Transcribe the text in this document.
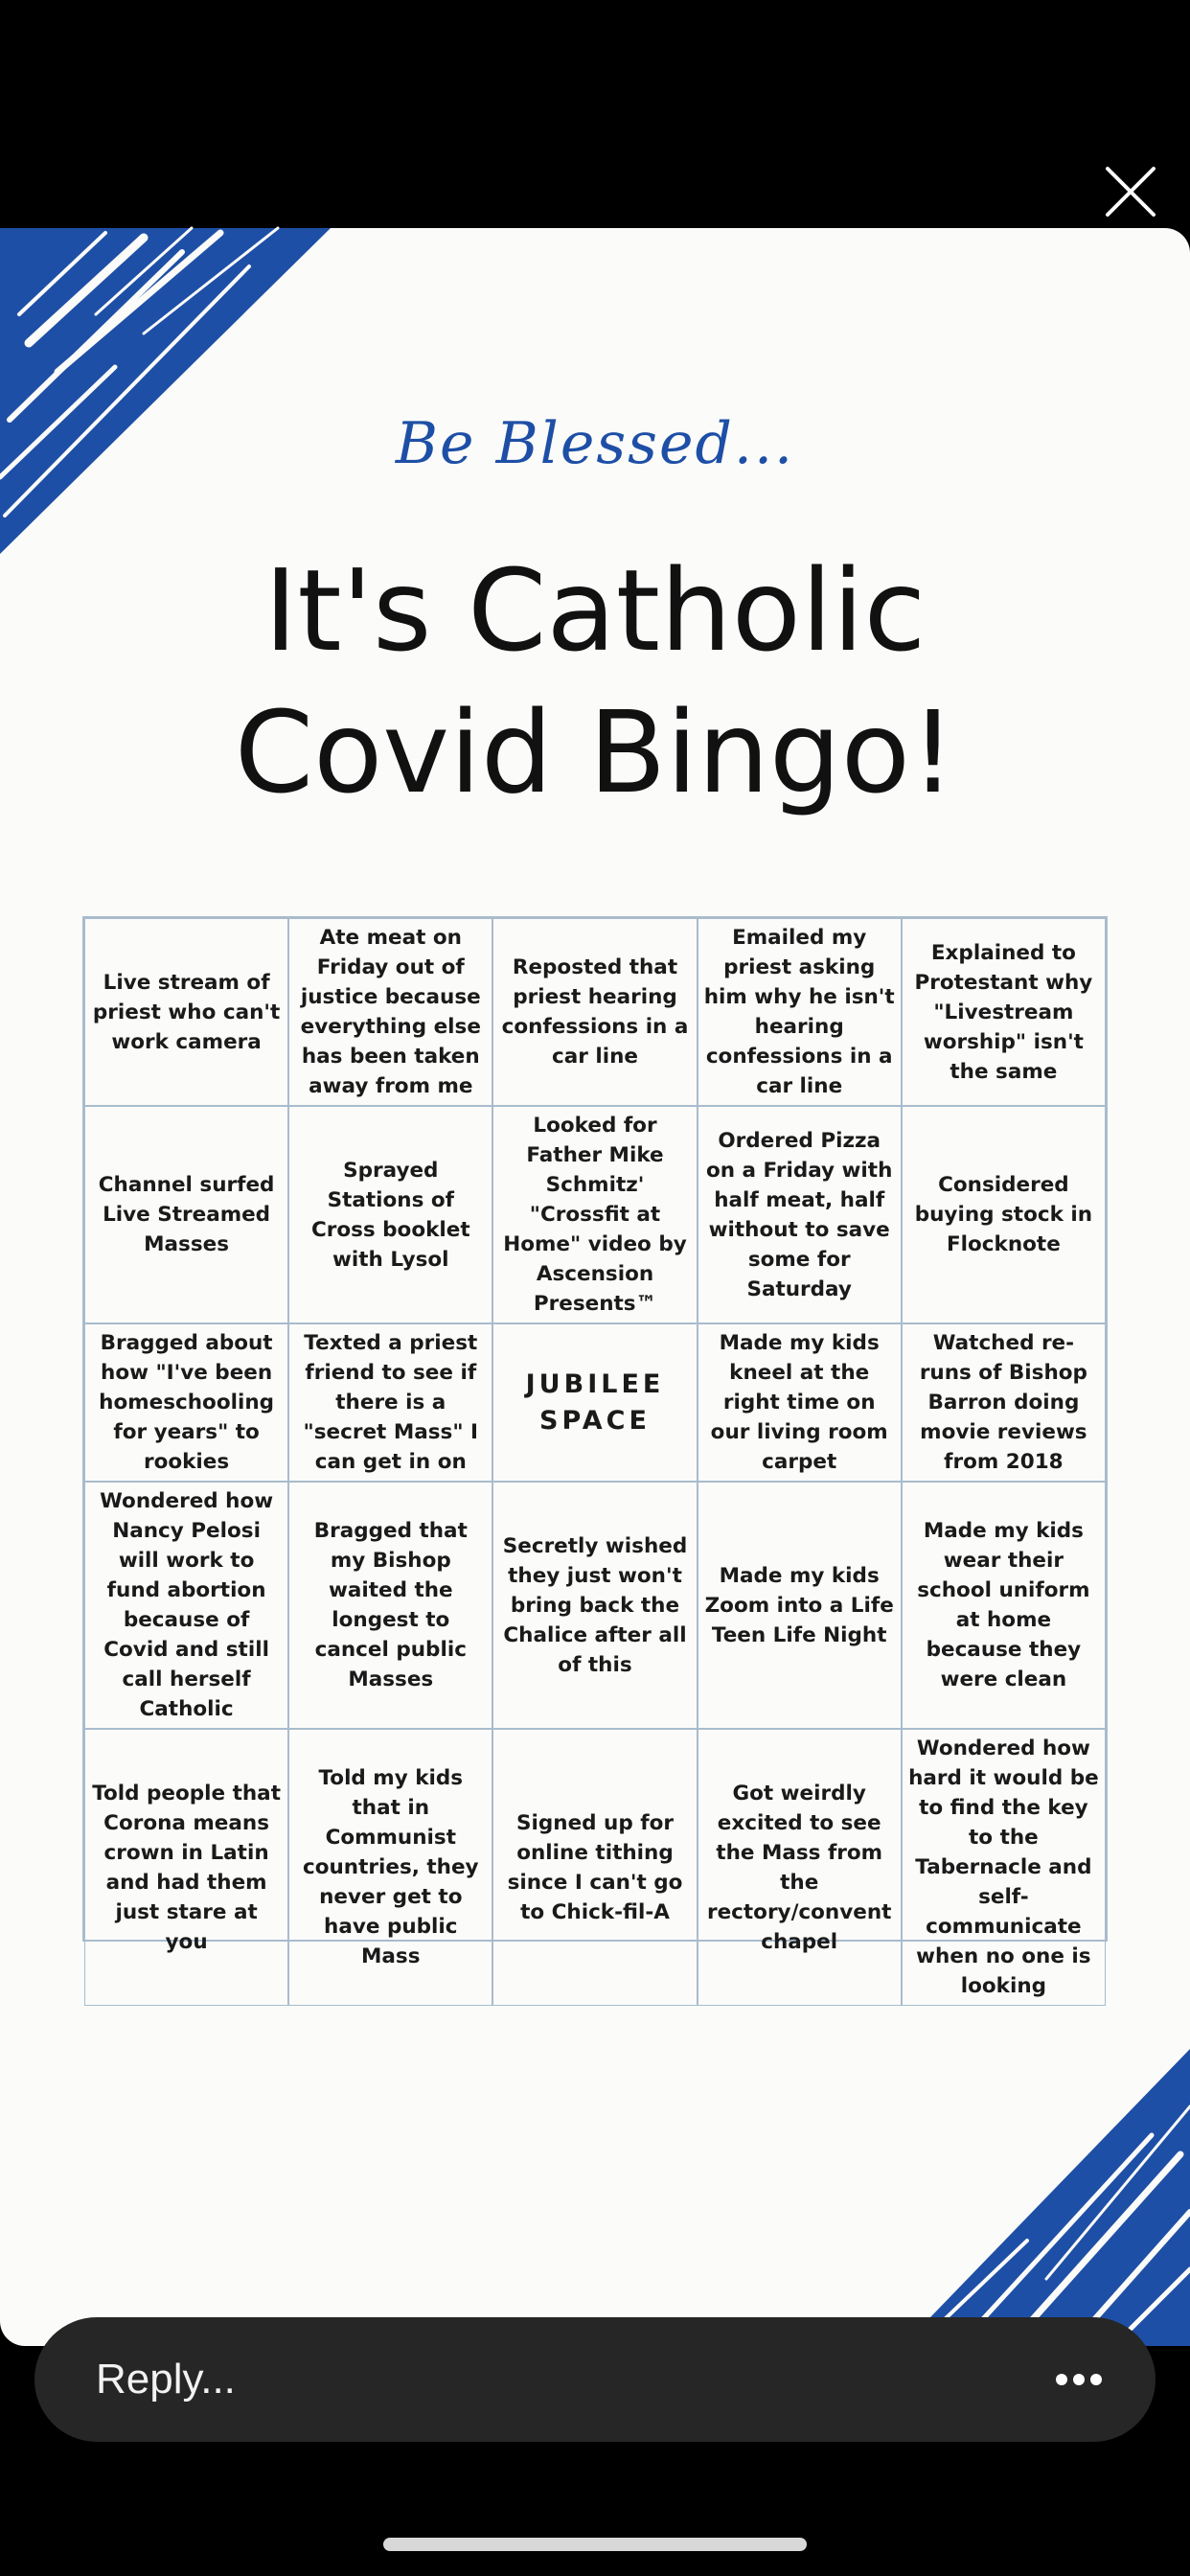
Be Blessed...
It's Catholic
Covid Bingo!
Live stream of priest who can't work camera
Ate meat on Friday out of justice because everything else has been taken away from me
Reposted that priest hearing confessions in a car line
Emailed my priest asking him why he isn't hearing confessions in a car line
Explained to Protestant why "Livestream worship" isn't the same
Channel surfed Live Streamed Masses
Sprayed Stations of Cross booklet with Lysol
Looked for Father Mike Schmitz' "Crossfit at Home" video by Ascension Presents™
Ordered Pizza on a Friday with half meat, half without to save some for Saturday
Considered buying stock in Flocknote
Bragged about how "I've been homeschooling for years" to rookies
Texted a priest friend to see if there is a "secret Mass" I can get in on
JUBILEE SPACE
Made my kids kneel at the right time on our living room carpet
Watched re-runs of Bishop Barron doing movie reviews from 2018
Wondered how Nancy Pelosi will work to fund abortion because of Covid and still call herself Catholic
Bragged that my Bishop waited the longest to cancel public Masses
Secretly wished they just won't bring back the Chalice after all of this
Made my kids Zoom into a Life Teen Life Night
Made my kids wear their school uniform at home because they were clean
Told people that Corona means crown in Latin and had them just stare at you
Told my kids that in Communist countries, they never get to have public Mass
Signed up for online tithing since I can't go to Chick-fil-A
Got weirdly excited to see the Mass from the rectory/convent chapel
Wondered how hard it would be to find the key to the Tabernacle and self-communicate when no one is looking
Reply...
